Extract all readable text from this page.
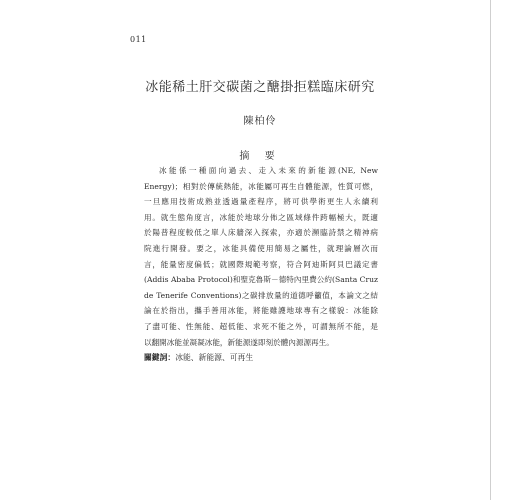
011
冰能稀土肝交碳菌之醣掛拒糕臨床研究
陳柏伶
摘 要
冰能係一種面向過去、走入未來的新能源(NE, New
Energy)；相對於傳統熱能，冰能屬可再生自體能源，性質可燃，
一旦應用技術成熟並透過量產程序，將可供學術更生人永續利
用。就生態角度言，冰能於地球分佈之區域條件跨幅極大，既適
於陽普程度較低之單人床牆深入探索，亦適於瀕臨詩禁之精神病
院進行開發。要之，冰能具備使用簡易之屬性，就理論層次而
言，能量密度偏低；就國際規範考察，符合阿迪斯阿貝巴議定書
(Addis Ababa Protocol)和聖克魯斯－德特內里費公約(Santa Cruz
de Tenerife Conventions)之碳排放量的道德呼籲值，本論文之結
論在於指出，攜手善用冰能，將能雖護地球專有之樣貌：冰能除
了盡可能、性無能、超低能、求死不能之外，可謂無所不能，是
以翻開冰能並凝凝冰能，新能源遂即刻於體內源源再生。
關鍵詞：冰能、新能源、可再生
